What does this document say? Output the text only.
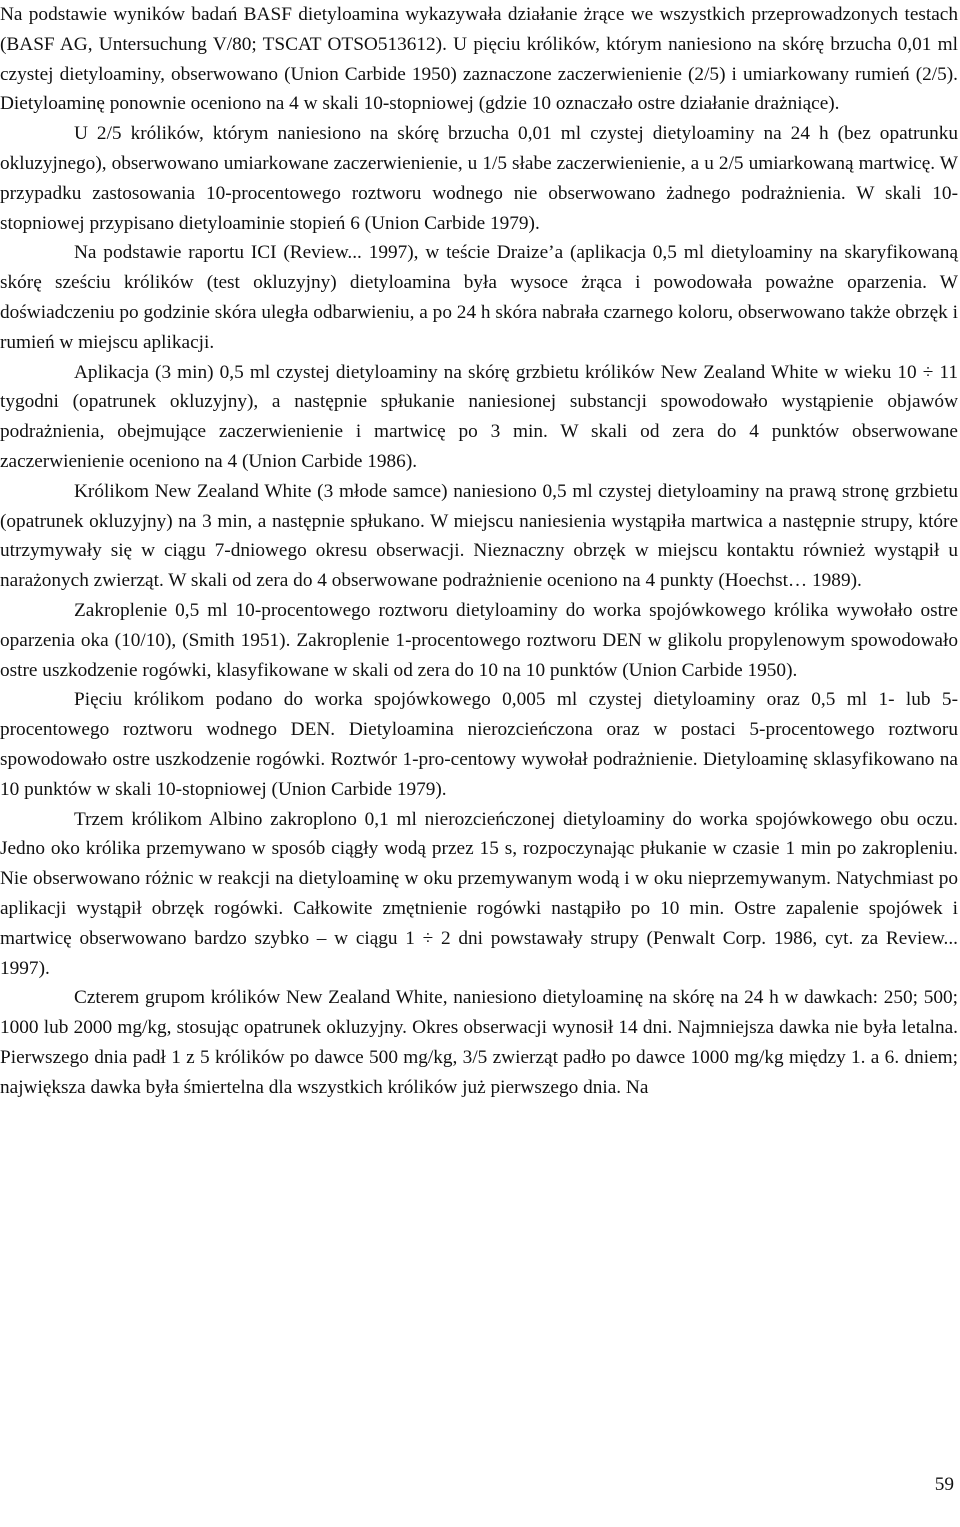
Na podstawie wyników badań BASF dietyloamina wykazywała działanie żrące we wszystkich przeprowadzonych testach (BASF AG, Untersuchung V/80; TSCAT OTSO513612). U pięciu królików, którym naniesiono na skórę brzucha 0,01 ml czystej dietyloaminy, obserwowano (Union Carbide 1950) zaznaczone zaczerwienienie (2/5) i umiarkowany rumień (2/5). Dietyloaminę ponownie oceniono na 4 w skali 10-stopniowej (gdzie 10 oznaczało ostre działanie drażniące).

U 2/5 królików, którym naniesiono na skórę brzucha 0,01 ml czystej dietyloaminy na 24 h (bez opatrunku okluzyjnego), obserwowano umiarkowane zaczerwienienie, u 1/5 słabe zaczerwienienie, a u 2/5 umiarkowaną martwicę. W przypadku zastosowania 10-procentowego roztworu wodnego nie obserwowano żadnego podrażnienia. W skali 10-stopniowej przypisano dietyloaminie stopień 6 (Union Carbide 1979).

Na podstawie raportu ICI (Review... 1997), w teście Draize’a (aplikacja 0,5 ml dietyloaminy na skaryfikowaną skórę sześciu królików (test okluzyjny) dietyloamina była wysoce żrąca i powodowała poważne oparzenia. W doświadczeniu po godzinie skóra uległa odbarwieniu, a po 24 h skóra nabrała czarnego koloru, obserwowano także obrzęk i rumień w miejscu aplikacji.

Aplikacja (3 min) 0,5 ml czystej dietyloaminy na skórę grzbietu królików New Zealand White w wieku 10 ÷ 11 tygodni (opatrunek okluzyjny), a następnie spłukanie naniesionej substancji spowodowało wystąpienie objawów podrażnienia, obejmujące zaczerwienienie i martwicę po 3 min. W skali od zera do 4 punktów obserwowane zaczerwienienie oceniono na 4 (Union Carbide 1986).

Królikom New Zealand White (3 młode samce) naniesiono 0,5 ml czystej dietyloaminy na prawą stronę grzbietu (opatrunek okluzyjny) na 3 min, a następnie spłukano. W miejscu naniesienia wystąpiła martwica a następnie strupy, które utrzymywały się w ciągu 7-dniowego okresu obserwacji. Nieznaczny obrzęk w miejscu kontaktu również wystąpił u narażonych zwierząt. W skali od zera do 4 obserwowane podrażnienie oceniono na 4 punkty (Hoechst… 1989).

Zakroplenie 0,5 ml 10-procentowego roztworu dietyloaminy do worka spojówkowego królika wywołało ostre oparzenia oka (10/10), (Smith 1951). Zakroplenie 1-procentowego roztworu DEN w glikolu propylenowym spowodowało ostre uszkodzenie rogówki, klasyfikowane w skali od zera do 10 na 10 punktów (Union Carbide 1950).

Pięciu królikom podano do worka spojówkowego 0,005 ml czystej dietyloaminy oraz 0,5 ml 1- lub 5-procentowego roztworu wodnego DEN. Dietyloamina nierozcieńczona oraz w postaci 5-procentowego roztworu spowodowało ostre uszkodzenie rogówki. Roztwór 1-pro-centowy wywołał podrażnienie. Dietyloaminę sklasyfikowano na 10 punktów w skali 10-stopniowej (Union Carbide 1979).

Trzem królikom Albino zakroplono 0,1 ml nierozcieńczonej dietyloaminy do worka spojówkowego obu oczu. Jedno oko królika przemywano w sposób ciągły wodą przez 15 s, rozpoczynając płukanie w czasie 1 min po zakropleniu. Nie obserwowano różnic w reakcji na dietyloaminę w oku przemywanym wodą i w oku nieprzemywanym. Natychmiast po aplikacji wystąpił obrzęk rogówki. Całkowite zmętnienie rogówki nastąpiło po 10 min. Ostre zapalenie spojówek i martwicę obserwowano bardzo szybko – w ciągu 1 ÷ 2 dni powstawały strupy (Penwalt Corp. 1986, cyt. za Review... 1997).

Czterem grupom królików New Zealand White, naniesiono dietyloaminę na skórę na 24 h w dawkach: 250; 500; 1000 lub 2000 mg/kg, stosując opatrunek okluzyjny. Okres obserwacji wynosił 14 dni. Najmniejsza dawka nie była letalna. Pierwszego dnia padł 1 z 5 królików po dawce 500 mg/kg, 3/5 zwierząt padło po dawce 1000 mg/kg między 1. a 6. dniem; największa dawka była śmiertelna dla wszystkich królików już pierwszego dnia. Na

59
